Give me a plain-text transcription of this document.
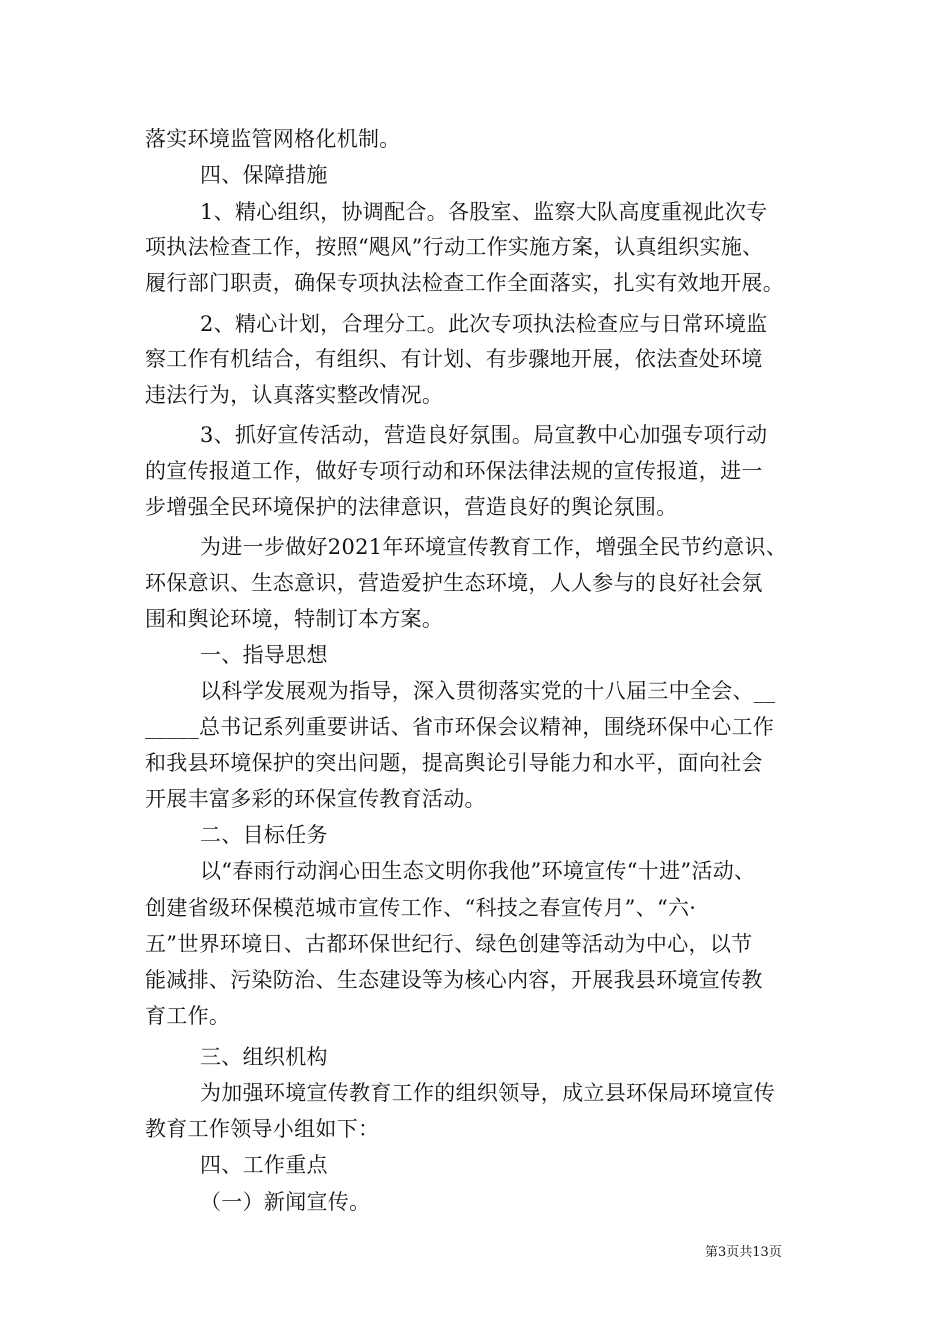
落实环境监管网格化机制。
四、保障措施
1、精心组织，协调配合。各股室、监察大队高度重视此次专
项执法检查工作，按照“飓风”行动工作实施方案，认真组织实施、
履行部门职责，确保专项执法检查工作全面落实，扎实有效地开展。
2、精心计划，合理分工。此次专项执法检查应与日常环境监
察工作有机结合，有组织、有计划、有步骤地开展，依法查处环境
违法行为，认真落实整改情况。
3、抓好宣传活动，营造良好氛围。局宣教中心加强专项行动
的宣传报道工作，做好专项行动和环保法律法规的宣传报道，进一
步增强全民环境保护的法律意识，营造良好的舆论氛围。
为进一步做好2021年环境宣传教育工作，增强全民节约意识、
环保意识、生态意识，营造爱护生态环境，人人参与的良好社会氛
围和舆论环境，特制订本方案。
一、指导思想
以科学发展观为指导，深入贯彻落实党的十八届三中全会、__
_____总书记系列重要讲话、省市环保会议精神，围绕环保中心工作
和我县环境保护的突出问题，提高舆论引导能力和水平，面向社会
开展丰富多彩的环保宣传教育活动。
二、目标任务
以“春雨行动润心田生态文明你我他”环境宣传“十进”活动、
创建省级环保模范城市宣传工作、“科技之春宣传月”、“六·
五”世界环境日、古都环保世纪行、绿色创建等活动为中心，以节
能减排、污染防治、生态建设等为核心内容，开展我县环境宣传教
育工作。
三、组织机构
为加强环境宣传教育工作的组织领导，成立县环保局环境宣传
教育工作领导小组如下：
四、工作重点
（一）新闻宣传。
第3页共13页
